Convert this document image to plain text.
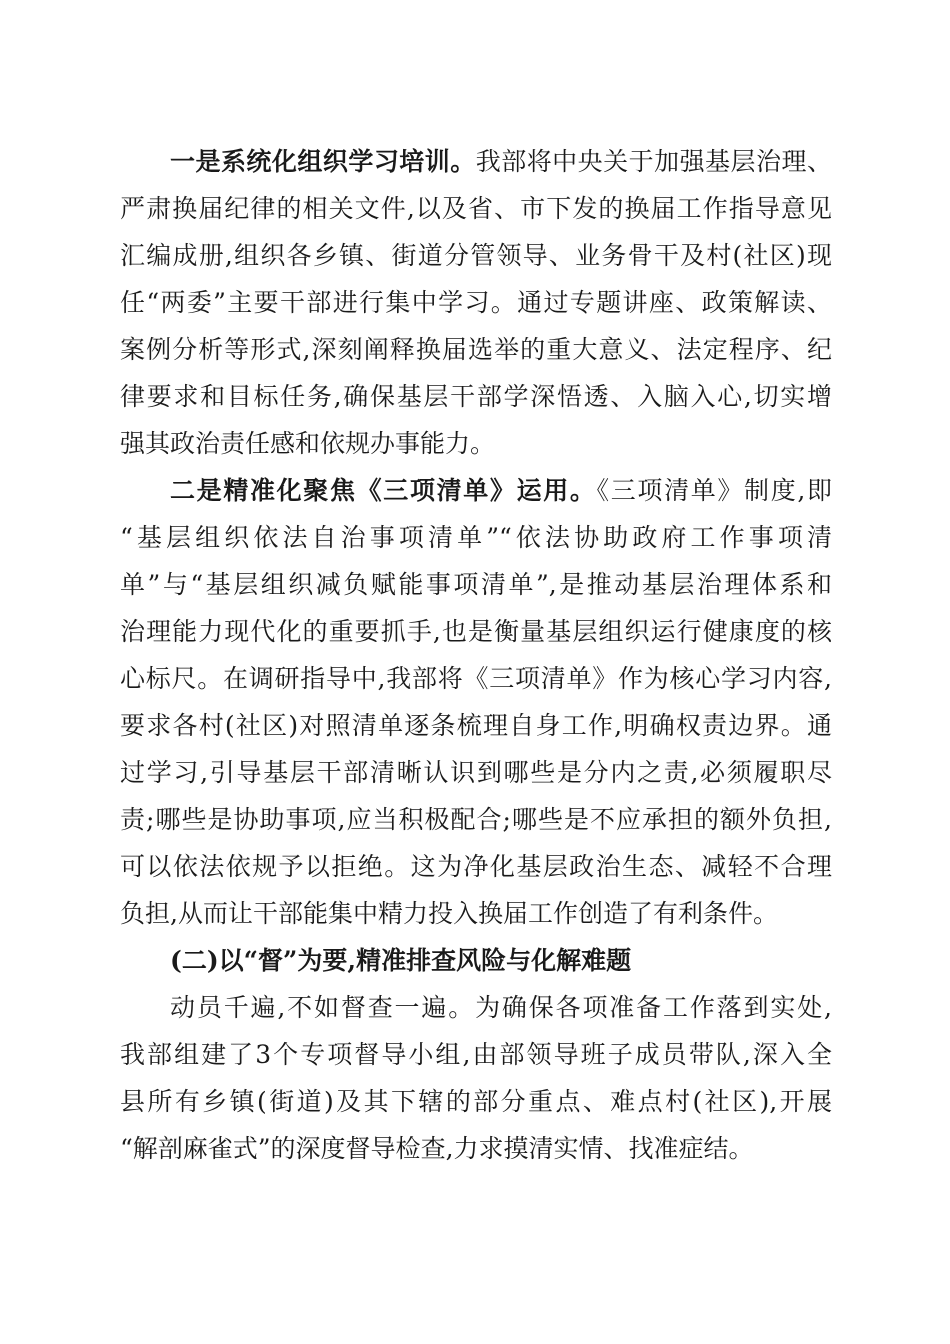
一是系统化组织学习培训。我部将中央关于加强基层治理、
严肃换届纪律的相关文件,以及省、市下发的换届工作指导意见
汇编成册,组织各乡镇、街道分管领导、业务骨干及村(社区)现
任“两委”主要干部进行集中学习。通过专题讲座、政策解读、
案例分析等形式,深刻阐释换届选举的重大意义、法定程序、纪
律要求和目标任务,确保基层干部学深悟透、入脑入心,切实增
强其政治责任感和依规办事能力。
二是精准化聚焦《三项清单》运用。《三项清单》制度,即
“基层组织依法自治事项清单”“依法协助政府工作事项清
单”与“基层组织减负赋能事项清单”,是推动基层治理体系和
治理能力现代化的重要抓手,也是衡量基层组织运行健康度的核
心标尺。在调研指导中,我部将《三项清单》作为核心学习内容,
要求各村(社区)对照清单逐条梳理自身工作,明确权责边界。通
过学习,引导基层干部清晰认识到哪些是分内之责,必须履职尽
责;哪些是协助事项,应当积极配合;哪些是不应承担的额外负担,
可以依法依规予以拒绝。这为净化基层政治生态、减轻不合理
负担,从而让干部能集中精力投入换届工作创造了有利条件。
(二)以“督”为要,精准排查风险与化解难题
动员千遍,不如督查一遍。为确保各项准备工作落到实处,
我部组建了3个专项督导小组,由部领导班子成员带队,深入全
县所有乡镇(街道)及其下辖的部分重点、难点村(社区),开展
“解剖麻雀式”的深度督导检查,力求摸清实情、找准症结。
